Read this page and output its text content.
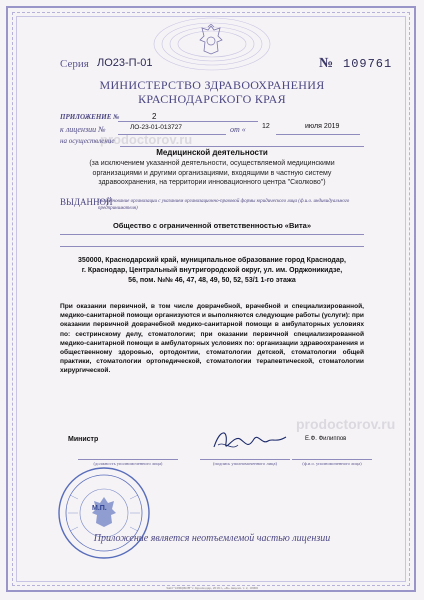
Серия ЛО23-П-01	№ 109761
МИНИСТЕРСТВО ЗДРАВООХРАНЕНИЯ
КРАСНОДАРСКОГО КРАЯ
prodoctorov.ru
ПРИЛОЖЕНИЕ №	2
к лицензии №	ЛО-23-01-013727	от « 12	июля 2019
на осуществление
Медицинской деятельности
(за исключением указанной деятельности, осуществляемой медицинскими организациями и другими организациями, входящими в частную систему здравоохранения, на территории инновационного центра "Сколково")
ВЫДАННОЙ
(наименование организации с указанием организационно-правовой формы юридического лица (ф.и.о. индивидуального предпринимателя)
Общество с ограниченной ответственностью «Вита»
350000, Краснодарский край, муниципальное образование город Краснодар, г. Краснодар, Центральный внутригородской округ, ул. им. Орджоникидзе, 56, пом. №№ 46, 47, 48, 49, 50, 52, 53/1 1-го этажа
При оказании первичной, в том числе доврачебной, врачебной и специализированной, медико-санитарной помощи организуются и выполняются следующие работы (услуги): при оказании первичной доврачебной медико-санитарной помощи в амбулаторных условиях по: сестринскому делу, стоматологии; при оказании первичной специализированной медико-санитарной помощи в амбулаторных условиях по: организации здравоохранения и общественному здоровью, ортодонтии, стоматологии детской, стоматологии общей практики, стоматологии ортопедической, стоматологии терапевтической, стоматологии хирургической.
prodoctorov.ru
Министр	Е.Ф. Филиппов
(должность уполномоченного лица)	(подпись уполномоченного лица)	(ф.и.о. уполномоченного лица)
М.П.
Приложение является неотъемлемой частью лицензии
ЗАО "ОПЦИОН" г. Краснодар, 2019 г., «Б» лиценз. т. 2, 10006
